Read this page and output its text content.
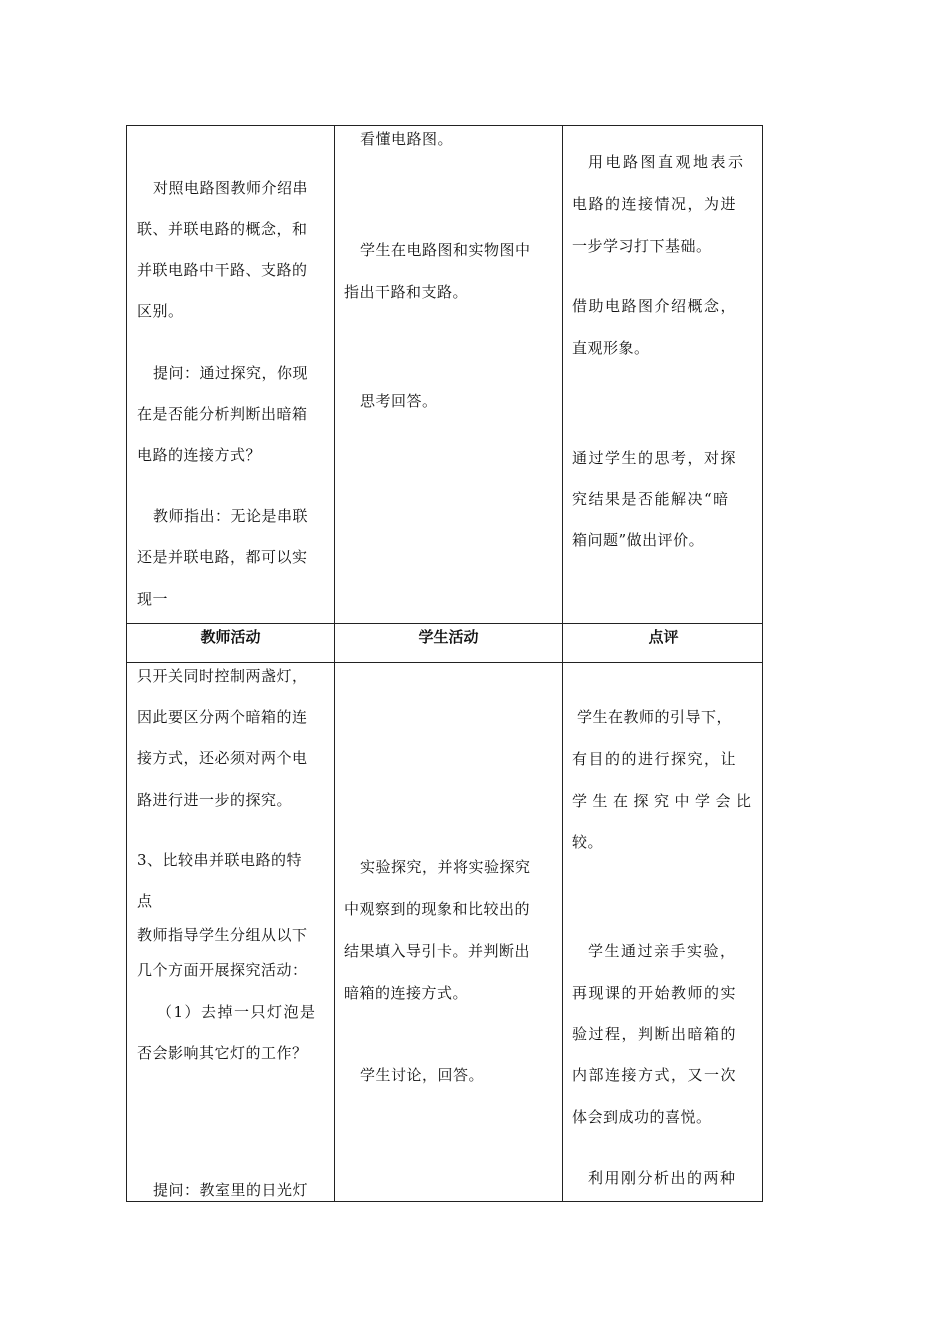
对照电路图教师介绍串

联、并联电路的概念，和

并联电路中干路、支路的

区别。

提问：通过探究，你现

在是否能分析判断出暗箱

电路的连接方式？

教师指出：无论是串联

还是并联电路，都可以实

现一

看懂电路图。

学生在电路图和实物图中

指出干路和支路。

思考回答。

用电路图直观地表示

电路的连接情况，为进

一步学习打下基础。

借助电路图介绍概念，

直观形象。

通过学生的思考，对探

究结果是否能解决“暗

箱问题”做出评价。

教师活动	学生活动	点评

只开关同时控制两盏灯，

因此要区分两个暗箱的连

接方式，还必须对两个电

路进行进一步的探究。

3、比较串并联电路的特

点

教师指导学生分组从以下

几个方面开展探究活动：

（1）去掉一只灯泡是

否会影响其它灯的工作？

提问：教室里的日光灯

实验探究，并将实验探究

中观察到的现象和比较出的

结果填入导引卡。并判断出

暗箱的连接方式。

学生讨论，回答。

学生在教师的引导下，

有目的的进行探究，让

学生在探究中学会比

较。

学生通过亲手实验，

再现课的开始教师的实

验过程，判断出暗箱的

内部连接方式，又一次

体会到成功的喜悦。

利用刚分析出的两种
